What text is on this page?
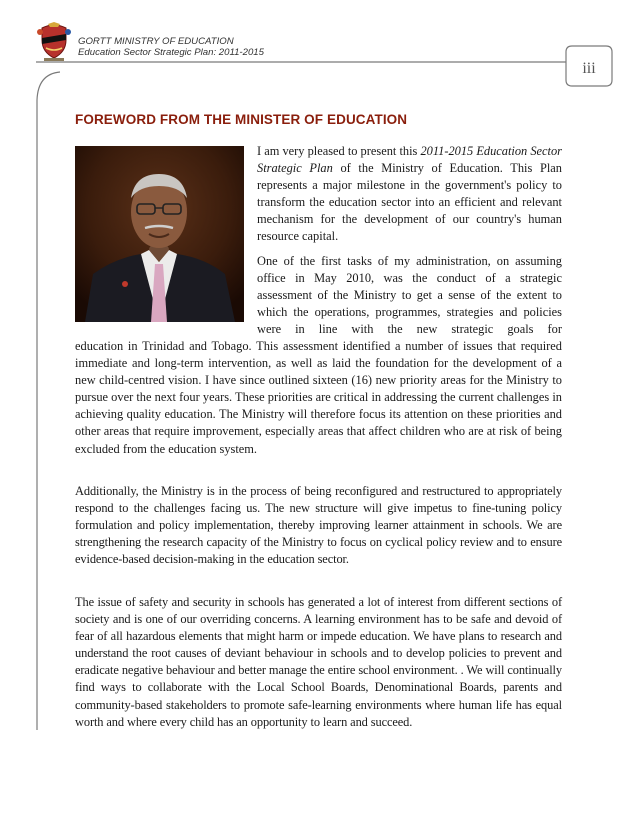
GORTT MINISTRY OF EDUCATION
Education Sector Strategic Plan: 2011-2015
iii
FOREWORD FROM THE MINISTER OF EDUCATION

I am very pleased to present this 2011-2015 Education Sector Strategic Plan of the Ministry of Education. This Plan represents a major milestone in the government's policy to transform the education sector into an efficient and relevant mechanism for the development of our country's human resource capital.

One of the first tasks of my administration, on assuming office in May 2010, was the conduct of a strategic assessment of the Ministry to get a sense of the extent to which the operations, programmes, strategies and policies were in line with the new strategic goals for

education in Trinidad and Tobago. This assessment identified a number of issues that required immediate and long-term intervention, as well as laid the foundation for the development of a new child-centred vision. I have since outlined sixteen (16) new priority areas for the Ministry to pursue over the next four years. These priorities are critical in addressing the current challenges in achieving quality education. The Ministry will therefore focus its attention on these priorities and other areas that require improvement, especially areas that affect children who are at risk of being excluded from the education system.

Additionally, the Ministry is in the process of being reconfigured and restructured to appropriately respond to the challenges facing us. The new structure will give impetus to fine-tuning policy formulation and policy implementation, thereby improving learner attainment in schools. We are strengthening the research capacity of the Ministry to focus on cyclical policy review and to ensure evidence-based decision-making in the education sector.

The issue of safety and security in schools has generated a lot of interest from different sections of society and is one of our overriding concerns. A learning environment has to be safe and devoid of fear of all hazardous elements that might harm or impede education. We have plans to research and understand the root causes of deviant behaviour in schools and to develop policies to prevent and eradicate negative behaviour and better manage the entire school environment. . We will continually find ways to collaborate with the Local School Boards, Denominational Boards, parents and community-based stakeholders to promote safe-learning environments where human life has equal worth and where every child has an opportunity to learn and succeed.
